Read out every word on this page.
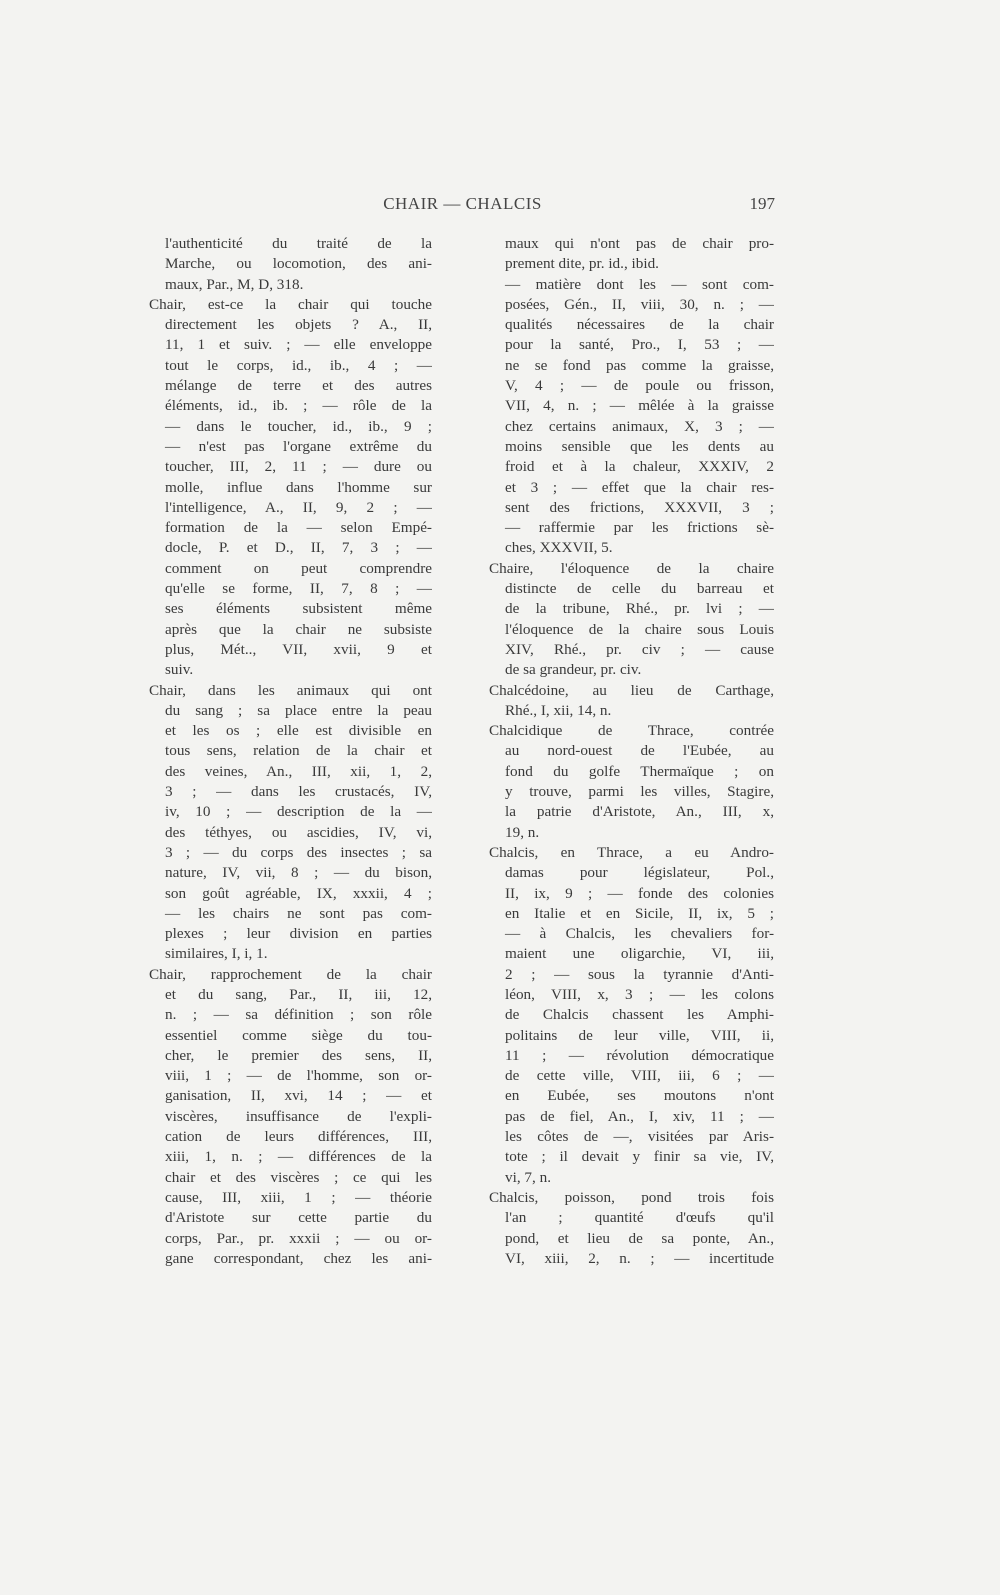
CHAIR — CHALCIS	197
l'authenticité du traité de la
Marche, ou locomotion, des ani-
maux, Par., M, D, 318.
Chair, est-ce la chair qui touche
directement les objets ? A., II,
11, 1 et suiv. ; — elle enveloppe
tout le corps, id., ib., 4 ; —
mélange de terre et des autres
éléments, id., ib. ; — rôle de la
— dans le toucher, id., ib., 9 ;
— n'est pas l'organe extrême du
toucher, III, 2, 11 ; — dure ou
molle, influe dans l'homme sur
l'intelligence, A., II, 9, 2 ; —
formation de la — selon Empé-
docle, P. et D., II, 7, 3 ; —
comment on peut comprendre
qu'elle se forme, II, 7, 8 ; —
ses éléments subsistent même
après que la chair ne subsiste
plus, Mét.., VII, xvii, 9 et
suiv.
Chair, dans les animaux qui ont
du sang ; sa place entre la peau
et les os ; elle est divisible en
tous sens, relation de la chair et
des veines, An., III, xii, 1, 2,
3 ; — dans les crustacés, IV,
iv, 10 ; — description de la —
des téthyes, ou ascidies, IV, vi,
3 ; — du corps des insectes ; sa
nature, IV, vii, 8 ; — du bison,
son goût agréable, IX, xxxii, 4 ;
— les chairs ne sont pas com-
plexes ; leur division en parties
similaires, I, i, 1.
Chair, rapprochement de la chair
et du sang, Par., II, iii, 12,
n. ; — sa définition ; son rôle
essentiel comme siège du tou-
cher, le premier des sens, II,
viii, 1 ; — de l'homme, son or-
ganisation, II, xvi, 14 ; — et
viscères, insuffisance de l'expli-
cation de leurs différences, III,
xiii, 1, n. ; — différences de la
chair et des viscères ; ce qui les
cause, III, xiii, 1 ; — théorie
d'Aristote sur cette partie du
corps, Par., pr. xxxii ; — ou or-
gane correspondant, chez les ani-
maux qui n'ont pas de chair pro-
prement dite, pr. id., ibid.
— matière dont les — sont com-
posées, Gén., II, viii, 30, n. ; —
qualités nécessaires de la chair
pour la santé, Pro., I, 53 ; —
ne se fond pas comme la graisse,
V, 4 ; — de poule ou frisson,
VII, 4, n. ; — mêlée à la graisse
chez certains animaux, X, 3 ; —
moins sensible que les dents au
froid et à la chaleur, XXXIV, 2
et 3 ; — effet que la chair res-
sent des frictions, XXXVII, 3 ;
— raffermie par les frictions sè-
ches, XXXVII, 5.
Chaire, l'éloquence de la chaire
distincte de celle du barreau et
de la tribune, Rhé., pr. lvi ; —
l'éloquence de la chaire sous Louis
XIV, Rhé., pr. civ ; — cause
de sa grandeur, pr. civ.
Chalcédoine, au lieu de Carthage,
Rhé., I, xii, 14, n.
Chalcidique de Thrace, contrée
au nord-ouest de l'Eubée, au
fond du golfe Thermaïque ; on
y trouve, parmi les villes, Stagire,
la patrie d'Aristote, An., III, x,
19, n.
Chalcis, en Thrace, a eu Andro-
damas pour législateur, Pol.,
II, ix, 9 ; — fonde des colonies
en Italie et en Sicile, II, ix, 5 ;
— à Chalcis, les chevaliers for-
maient une oligarchie, VI, iii,
2 ; — sous la tyrannie d'Anti-
léon, VIII, x, 3 ; — les colons
de Chalcis chassent les Amphi-
politains de leur ville, VIII, ii,
11 ; — révolution démocratique
de cette ville, VIII, iii, 6 ; —
en Eubée, ses moutons n'ont
pas de fiel, An., I, xiv, 11 ; —
les côtes de —, visitées par Aris-
tote ; il devait y finir sa vie, IV,
vi, 7, n.
Chalcis, poisson, pond trois fois
l'an ; quantité d'œufs qu'il
pond, et lieu de sa ponte, An.,
VI, xiii, 2, n. ; — incertitude
